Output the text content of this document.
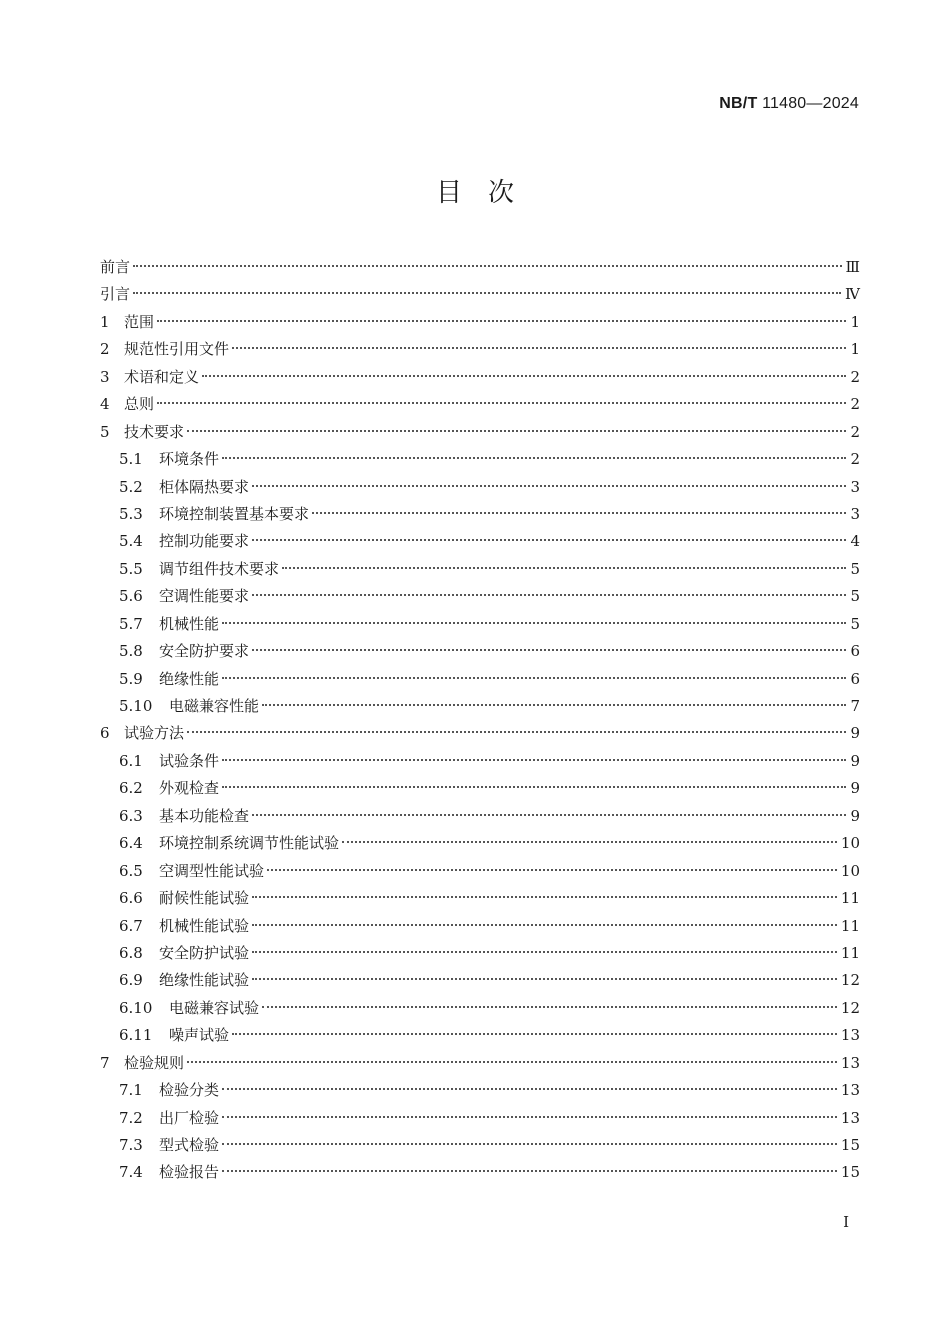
NB/T 11480—2024
目　次
前言	Ⅲ
引言	Ⅳ
1 范围	1
2 规范性引用文件	1
3 术语和定义	2
4 总则	2
5 技术要求	2
5.1	环境条件	2
5.2	柜体隔热要求	3
5.3	环境控制装置基本要求	3
5.4	控制功能要求	4
5.5	调节组件技术要求	5
5.6	空调性能要求	5
5.7	机械性能	5
5.8	安全防护要求	6
5.9	绝缘性能	6
5.10	电磁兼容性能	7
6 试验方法	9
6.1	试验条件	9
6.2	外观检查	9
6.3	基本功能检查	9
6.4	环境控制系统调节性能试验	10
6.5	空调型性能试验	10
6.6	耐候性能试验	11
6.7	机械性能试验	11
6.8	安全防护试验	11
6.9	绝缘性能试验	12
6.10	电磁兼容试验	12
6.11	噪声试验	13
7 检验规则	13
7.1	检验分类	13
7.2	出厂检验	13
7.3	型式检验	15
7.4	检验报告	15
I
